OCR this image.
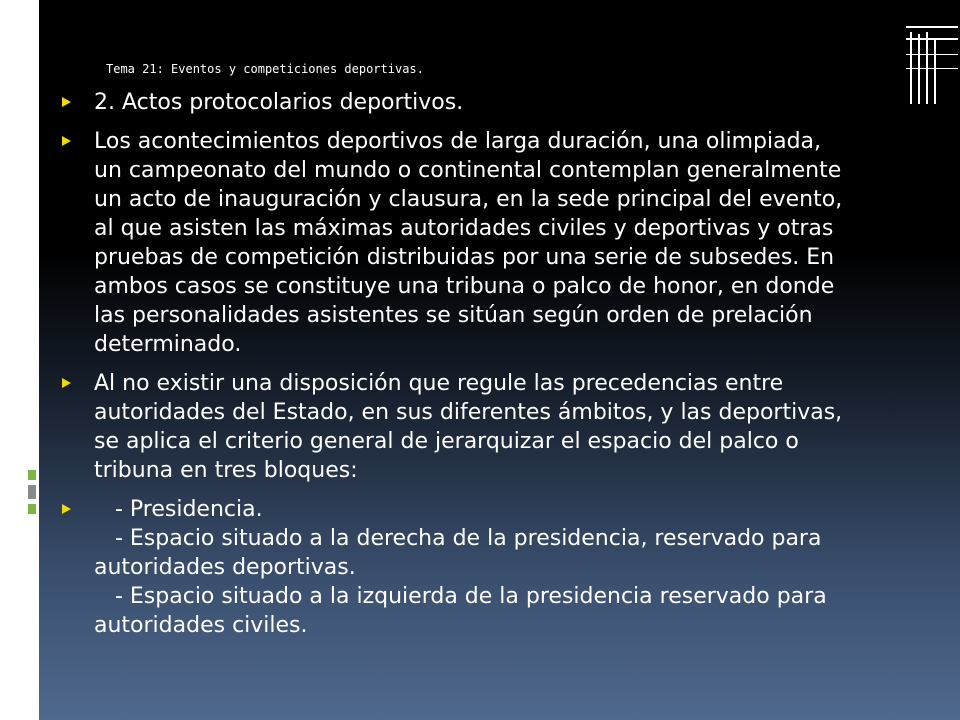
Tema 21: Eventos y competiciones deportivas.
2. Actos protocolarios deportivos.
Los acontecimientos deportivos de larga duración, una olimpiada,
un campeonato del mundo o continental contemplan generalmente
un acto de inauguración y clausura, en la sede principal del evento,
al que asisten las máximas autoridades civiles y deportivas y otras
pruebas de competición distribuidas por una serie de subsedes. En
ambos casos se constituye una tribuna o palco de honor, en donde
las personalidades asistentes se sitúan según orden de prelación
determinado.
Al no existir una disposición que regule las precedencias entre
autoridades del Estado, en sus diferentes ámbitos, y las deportivas,
se aplica el criterio general de jerarquizar el espacio del palco o
tribuna en tres bloques:
- Presidencia.
- Espacio situado a la derecha de la presidencia, reservado para
autoridades deportivas.
- Espacio situado a la izquierda de la presidencia reservado para
autoridades civiles.
